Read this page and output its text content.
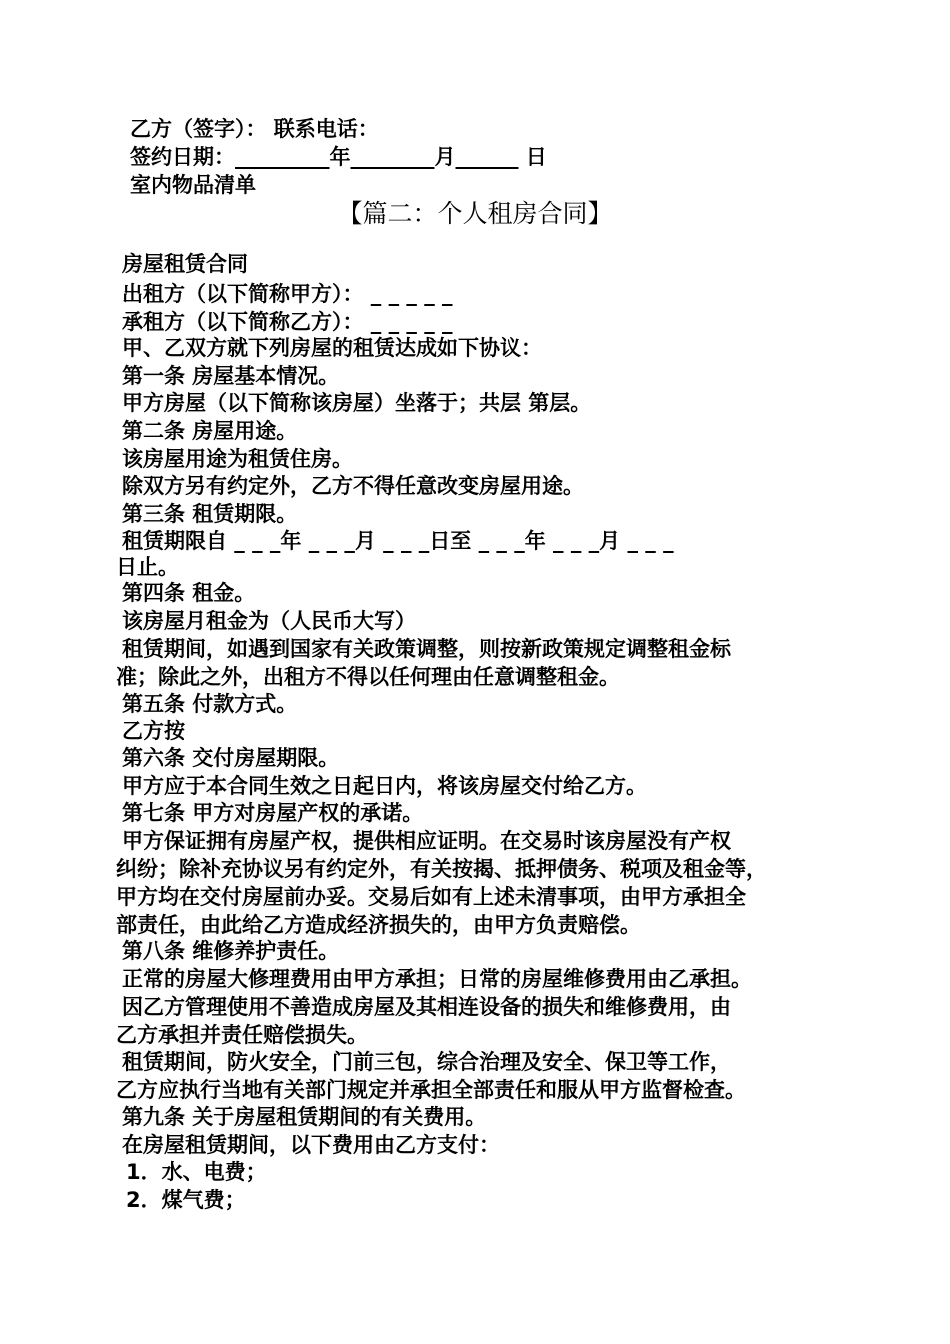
乙方（签字）： 联系电话：
签约日期：_________年________月______ 日
室内物品清单
【篇二：个人租房合同】
房屋租赁合同
出租方（以下简称甲方）： _ _ _ _ _
承租方（以下简称乙方）： _ _ _ _ _
甲、乙双方就下列房屋的租赁达成如下协议：
第一条 房屋基本情况。
甲方房屋（以下简称该房屋）坐落于；共层 第层。
第二条 房屋用途。
该房屋用途为租赁住房。
除双方另有约定外，乙方不得任意改变房屋用途。
第三条 租赁期限。
租赁期限自 _ _ _年 _ _ _月 _ _ _日至 _ _ _年 _ _ _月 _ _ _
日止。
第四条 租金。
该房屋月租金为（人民币大写）
租赁期间，如遇到国家有关政策调整，则按新政策规定调整租金标
准；除此之外，出租方不得以任何理由任意调整租金。
第五条 付款方式。
乙方按
第六条 交付房屋期限。
甲方应于本合同生效之日起日内，将该房屋交付给乙方。
第七条 甲方对房屋产权的承诺。
甲方保证拥有房屋产权，提供相应证明。在交易时该房屋没有产权
纠纷；除补充协议另有约定外，有关按揭、抵押债务、税项及租金等，
甲方均在交付房屋前办妥。交易后如有上述未清事项，由甲方承担全
部责任，由此给乙方造成经济损失的，由甲方负责赔偿。
第八条 维修养护责任。
正常的房屋大修理费用由甲方承担；日常的房屋维修费用由乙承担。
因乙方管理使用不善造成房屋及其相连设备的损失和维修费用，由
乙方承担并责任赔偿损失。
租赁期间，防火安全，门前三包，综合治理及安全、保卫等工作，
乙方应执行当地有关部门规定并承担全部责任和服从甲方监督检查。
第九条 关于房屋租赁期间的有关费用。
在房屋租赁期间，以下费用由乙方支付：
1．水、电费；
2．煤气费；
